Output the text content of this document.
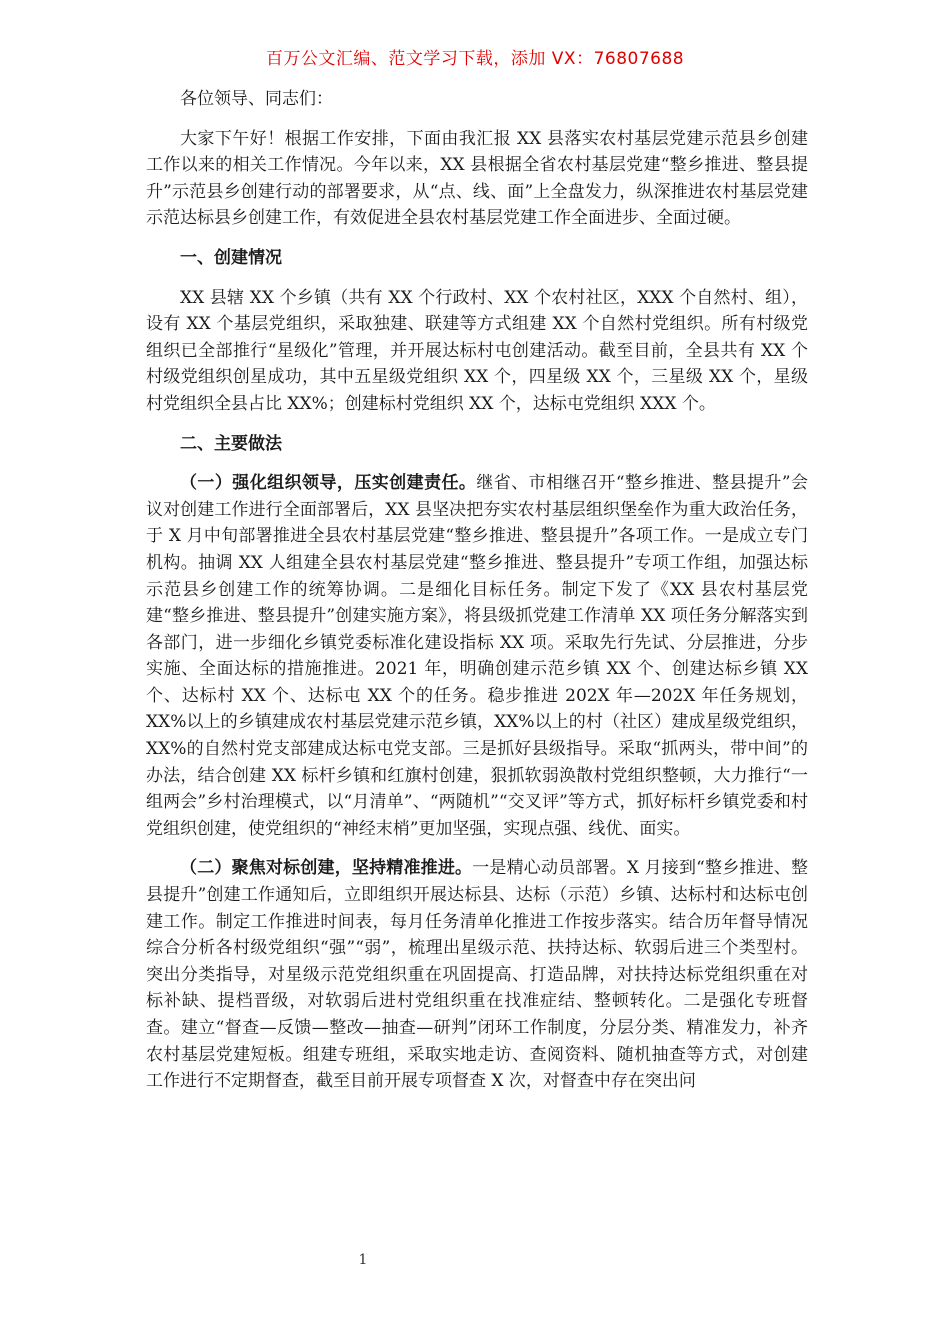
百万公文汇编、范文学习下载，添加 VX：76807688

各位领导、同志们：

大家下午好！根据工作安排，下面由我汇报 XX 县落实农村基层党建示范县乡创建工作以来的相关工作情况。今年以来，XX 县根据全省农村基层党建“整乡推进、整县提升”示范县乡创建行动的部署要求，从“点、线、面”上全盘发力，纵深推进农村基层党建示范达标县乡创建工作，有效促进全县农村基层党建工作全面进步、全面过硬。

一、创建情况

XX 县辖 XX 个乡镇（共有 XX 个行政村、XX 个农村社区，XXX 个自然村、组），设有 XX 个基层党组织，采取独建、联建等方式组建 XX 个自然村党组织。所有村级党组织已全部推行“星级化”管理，并开展达标村屯创建活动。截至目前，全县共有 XX 个村级党组织创星成功，其中五星级党组织 XX 个，四星级 XX 个，三星级 XX 个，星级村党组织全县占比 XX%；创建标村党组织 XX 个，达标屯党组织 XXX 个。

二、主要做法

（一）强化组织领导，压实创建责任。继省、市相继召开“整乡推进、整县提升”会议对创建工作进行全面部署后，XX 县坚决把夯实农村基层组织堡垒作为重大政治任务，于 X 月中旬部署推进全县农村基层党建“整乡推进、整县提升”各项工作。一是成立专门机构。抽调 XX 人组建全县农村基层党建“整乡推进、整县提升”专项工作组，加强达标示范县乡创建工作的统筹协调。二是细化目标任务。制定下发了《XX 县农村基层党建“整乡推进、整县提升”创建实施方案》，将县级抓党建工作清单 XX 项任务分解落实到各部门，进一步细化乡镇党委标准化建设指标 XX 项。采取先行先试、分层推进，分步实施、全面达标的措施推进。2021 年，明确创建示范乡镇 XX 个、创建达标乡镇 XX 个、达标村 XX 个、达标屯 XX 个的任务。稳步推进 202X 年—202X 年任务规划，XX%以上的乡镇建成农村基层党建示范乡镇，XX%以上的村（社区）建成星级党组织，XX%的自然村党支部建成达标屯党支部。三是抓好县级指导。采取“抓两头，带中间”的办法，结合创建 XX 标杆乡镇和红旗村创建，狠抓软弱涣散村党组织整顿，大力推行“一组两会”乡村治理模式，以“月清单”、“两随机”“交叉评”等方式，抓好标杆乡镇党委和村党组织创建，使党组织的“神经末梢”更加坚强，实现点强、线优、面实。

（二）聚焦对标创建，坚持精准推进。一是精心动员部署。X 月接到“整乡推进、整县提升”创建工作通知后，立即组织开展达标县、达标（示范）乡镇、达标村和达标屯创建工作。制定工作推进时间表，每月任务清单化推进工作按步落实。结合历年督导情况综合分析各村级党组织“强”“弱”，梳理出星级示范、扶持达标、软弱后进三个类型村。突出分类指导，对星级示范党组织重在巩固提高、打造品牌，对扶持达标党组织重在对标补缺、提档晋级，对软弱后进村党组织重在找准症结、整顿转化。二是强化专班督查。建立“督查—反馈—整改—抽查—研判”闭环工作制度，分层分类、精准发力，补齐农村基层党建短板。组建专班组，采取实地走访、查阅资料、随机抽查等方式，对创建工作进行不定期督查，截至目前开展专项督查 X 次，对督查中存在突出问

1
